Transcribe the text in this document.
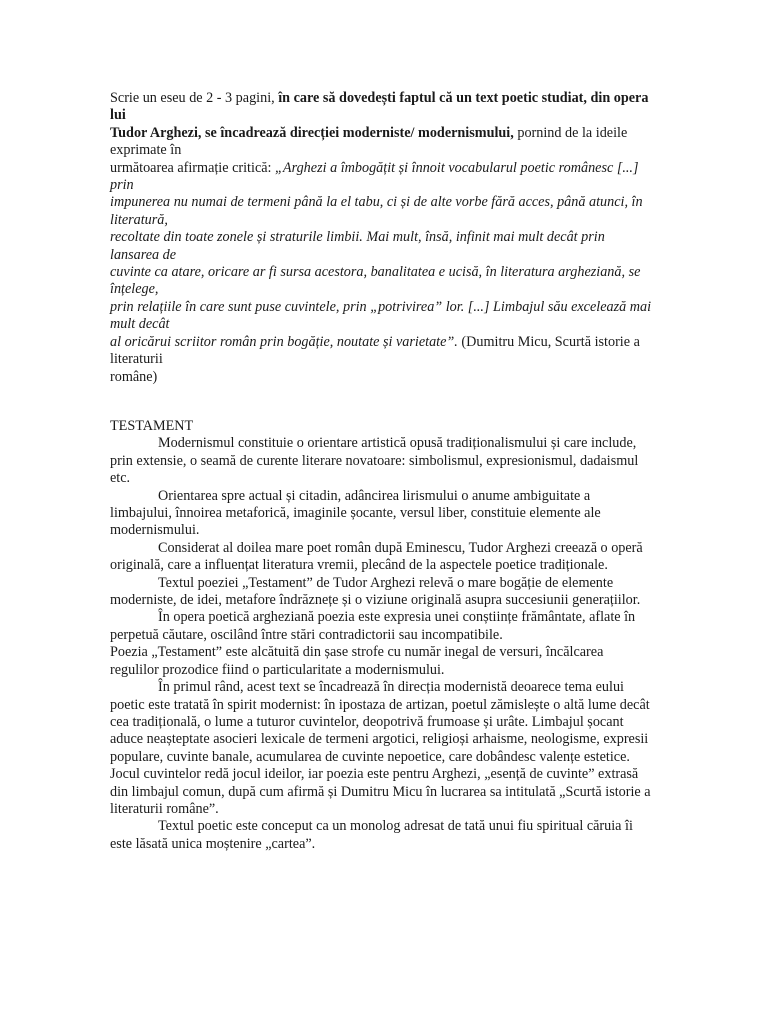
Scrie un eseu de 2 - 3 pagini, în care să dovedești faptul că un text poetic studiat, din opera lui
Tudor Arghezi, se încadrează direcției moderniste/ modernismului, pornind de la ideile exprimate în
următoarea afirmație critică: „Arghezi a îmbogățit și înnoit vocabularul poetic românesc [...] prin
impunerea nu numai de termeni până la el tabu, ci și de alte vorbe fără acces, până atunci, în literatură,
recoltate din toate zonele și straturile limbii. Mai mult, însă, infinit mai mult decât prin lansarea de
cuvinte ca atare, oricare ar fi sursa acestora, banalitatea e ucisă, în literatura argheziană, se înțelege,
prin relațiile în care sunt puse cuvintele, prin „potrivirea” lor. [...] Limbajul său excelează mai mult decât
al oricărui scriitor român prin bogăție, noutate și varietate”. (Dumitru Micu, Scurtă istorie a literaturii
române)
TESTAMENT

Modernismul constituie o orientare artistică opusă tradiționalismului și care include, prin extensie, o seamă de curente literare novatoare: simbolismul, expresionismul, dadaismul etc.

Orientarea spre actual și citadin, adâncirea lirismului o anume ambiguitate a limbajului, înnoirea metaforică, imaginile șocante, versul liber, constituie elemente ale modernismului.

Considerat al doilea mare poet român după Eminescu, Tudor Arghezi creează o operă originală, care a influențat literatura vremii, plecând de la aspectele poetice tradiționale.

Textul poeziei „Testament” de Tudor Arghezi relevă o mare bogăție de elemente moderniste, de idei, metafore îndrăznețe și o viziune originală asupra succesiunii generațiilor.

În opera poetică argheziană poezia este expresia unei conștiințe frământate, aflate în perpetuă căutare, oscilând între stări contradictorii sau incompatibile.

Poezia „Testament” este alcătuită din șase strofe cu număr inegal de versuri, încălcarea regulilor prozodice fiind o particularitate a modernismului.

În primul rând, acest text se încadrează în direcția modernistă deoarece tema eului poetic este tratată în spirit modernist: în ipostaza de artizan, poetul zămislește o altă lume decât cea tradițională, o lume a tuturor cuvintelor, deopotrivă frumoase și urâte. Limbajul șocant aduce neașteptate asocieri lexicale de termeni argotici, religioși arhaisme, neologisme, expresii populare, cuvinte banale, acumularea de cuvinte nepoetice, care dobândesc valențe estetice. Jocul cuvintelor redă jocul ideilor, iar poezia este pentru Arghezi, „esență de cuvinte” extrasă din limbajul comun, după cum afirmă și Dumitru Micu în lucrarea sa intitulată „Scurtă istorie a literaturii române”.

Textul poetic este conceput ca un monolog adresat de tată unui fiu spiritual căruia îi este lăsată unica moștenire „cartea”.
